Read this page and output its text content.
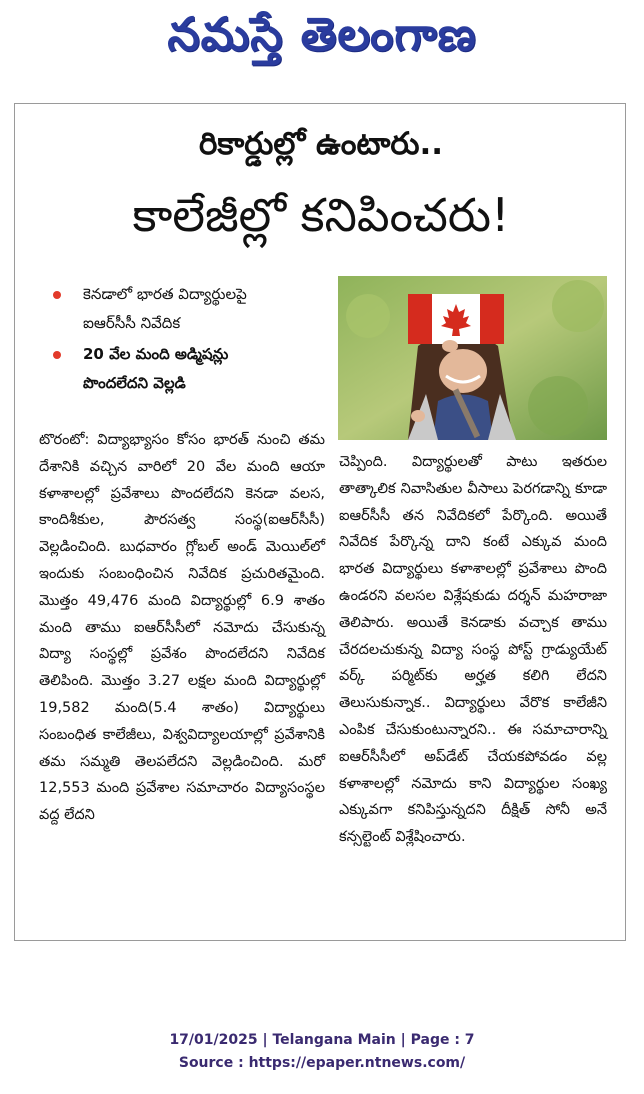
నమస్తే తెలంగాణ
రికార్డుల్లో ఉంటారు..
కాలేజీల్లో కనిపించరు!
కెనడాలో భారత విద్యార్థులపై
ఐఆర్‌సీసీ నివేదిక
20 వేల మంది అడ్మిషన్లు
పొందలేదని వెల్లడి

టొరంటో: విద్యాభ్యాసం కోసం భారత్ నుంచి తమ దేశానికి వచ్చిన వారిలో 20 వేల మంది ఆయా కళాశాలల్లో ప్రవేశాలు పొందలేదని కెనడా వలస, కాందిశీకుల, పౌరసత్వ సంస్థ(ఐఆర్‌సీసీ) వెల్లడించింది. బుధవారం గ్లోబల్ అండ్ మెయిల్‌లో ఇందుకు సంబంధించిన నివేదిక ప్రచురితమైంది. మొత్తం 49,476 మంది విద్యార్థుల్లో 6.9 శాతం మంది తాము ఐఆర్‌సీసీలో నమోదు చేసుకున్న విద్యా సంస్థల్లో ప్రవేశం పొందలేదని నివేదిక తెలిపింది. మొత్తం 3.27 లక్షల మంది విద్యార్థుల్లో 19,582 మంది(5.4 శాతం) విద్యార్థులు సంబంధిత కాలేజీలు, విశ్వవిద్యాలయాల్లో ప్రవేశానికి తమ సమ్మతి తెలపలేదని వెల్లడించింది. మరో 12,553 మంది ప్రవేశాల సమాచారం విద్యాసంస్థల వద్ద లేదని

చెప్పింది. విద్యార్థులతో పాటు ఇతరుల తాత్కాలిక నివాసితుల వీసాలు పెరగడాన్ని కూడా ఐఆర్‌సీసీ తన నివేదికలో పేర్కొంది. అయితే నివేదిక పేర్కొన్న దాని కంటే ఎక్కువ మంది భారత విద్యార్థులు కళాశాలల్లో ప్రవేశాలు పొంది ఉండరని వలసల విశ్లేషకుడు దర్శన్ మహరాజా తెలిపారు. అయితే కెనడాకు వచ్చాక తాము చేరదలచుకున్న విద్యా సంస్థ పోస్ట్ గ్రాడ్యుయేట్ వర్క్ పర్మిట్‌కు అర్హత కలిగి లేదని తెలుసుకున్నాక.. విద్యార్థులు వేరొక కాలేజీని ఎంపిక చేసుకుంటున్నారని.. ఈ సమాచారాన్ని ఐఆర్‌సీసీలో అప్‌డేట్ చేయకపోవడం వల్ల కళాశాలల్లో నమోదు కాని విద్యార్థుల సంఖ్య ఎక్కువగా కనిపిస్తున్నదని దీక్షిత్ సోనీ అనే కన్సల్టెంట్ విశ్లేషించారు.

17/01/2025 | Telangana Main | Page : 7
Source : https://epaper.ntnews.com/
